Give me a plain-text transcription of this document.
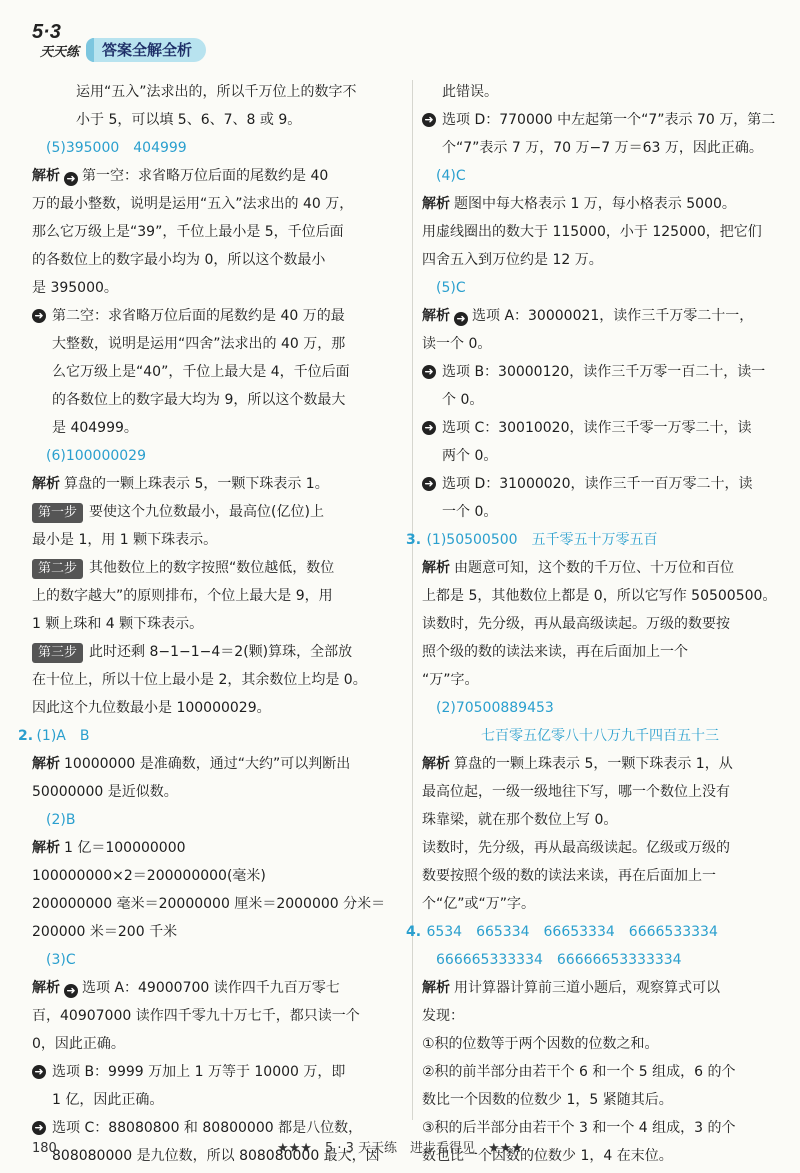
5·3
天天练	答案全解全析

运用“五入”法求出的，所以千万位上的数字不

小于 5，可以填 5、6、7、8 或 9。

(5)395000　404999

解析 ➜ 第一空：求省略万位后面的尾数约是 40

万的最小整数，说明是运用“五入”法求出的 40 万，

那么它万级上是“39”，千位上最小是 5，千位后面

的各数位上的数字最小均为 0，所以这个数最小

是 395000。

➜ 第二空：求省略万位后面的尾数约是 40 万的最

大整数，说明是运用“四舍”法求出的 40 万，那

么它万级上是“40”，千位上最大是 4，千位后面

的各数位上的数字最大均为 9，所以这个数最大

是 404999。

(6)100000029

解析 算盘的一颗上珠表示 5，一颗下珠表示 1。

第一步 要使这个九位数最小，最高位(亿位)上

最小是 1，用 1 颗下珠表示。

第二步 其他数位上的数字按照“数位越低，数位

上的数字越大”的原则排布，个位上最大是 9，用

1 颗上珠和 4 颗下珠表示。

第三步 此时还剩 8−1−1−4＝2(颗)算珠，全部放

在十位上，所以十位上最小是 2，其余数位上均是 0。

因此这个九位数最小是 100000029。

2. (1)A　B

解析 10000000 是准确数，通过“大约”可以判断出

50000000 是近似数。

(2)B

解析 1 亿＝100000000

100000000×2＝200000000(毫米)

200000000 毫米＝20000000 厘米＝2000000 分米＝

200000 米＝200 千米

(3)C

解析 ➜ 选项 A：49000700 读作四千九百万零七

百，40907000 读作四千零九十万七千，都只读一个

0，因此正确。

➜ 选项 B：9999 万加上 1 万等于 10000 万，即

1 亿，因此正确。

➜ 选项 C：88080800 和 80800000 都是八位数，

808080000 是九位数，所以 808080000 最大，因

此错误。

➜ 选项 D：770000 中左起第一个“7”表示 70 万，第二

个“7”表示 7 万，70 万−7 万＝63 万，因此正确。

(4)C

解析 题图中每大格表示 1 万，每小格表示 5000。

用虚线圈出的数大于 115000，小于 125000，把它们

四舍五入到万位约是 12 万。

(5)C

解析 ➜ 选项 A：30000021，读作三千万零二十一，

读一个 0。

➜ 选项 B：30000120，读作三千万零一百二十，读一

个 0。

➜ 选项 C：30010020，读作三千零一万零二十，读

两个 0。

➜ 选项 D：31000020，读作三千一百万零二十，读

一个 0。

3. (1)50500500　五千零五十万零五百

解析 由题意可知，这个数的千万位、十万位和百位

上都是 5，其他数位上都是 0，所以它写作 50500500。

读数时，先分级，再从最高级读起。万级的数要按

照个级的数的读法来读，再在后面加上一个

“万”字。

(2)70500889453

七百零五亿零八十八万九千四百五十三

解析 算盘的一颗上珠表示 5，一颗下珠表示 1，从

最高位起，一级一级地往下写，哪一个数位上没有

珠靠梁，就在那个数位上写 0。

读数时，先分级，再从最高级读起。亿级或万级的

数要按照个级的数的读法来读，再在后面加上一

个“亿”或“万”字。

4. 6534　665334　66653334　6666533334

666665333334　66666653333334

解析 用计算器计算前三道小题后，观察算式可以

发现：

①积的位数等于两个因数的位数之和。

②积的前半部分由若干个 6 和一个 5 组成，6 的个

数比一个因数的位数少 1，5 紧随其后。

③积的后半部分由若干个 3 和一个 4 组成，3 的个

数也比一个因数的位数少 1，4 在末位。

180	★★★　5 · 3 天天练　进步看得见　★★★
